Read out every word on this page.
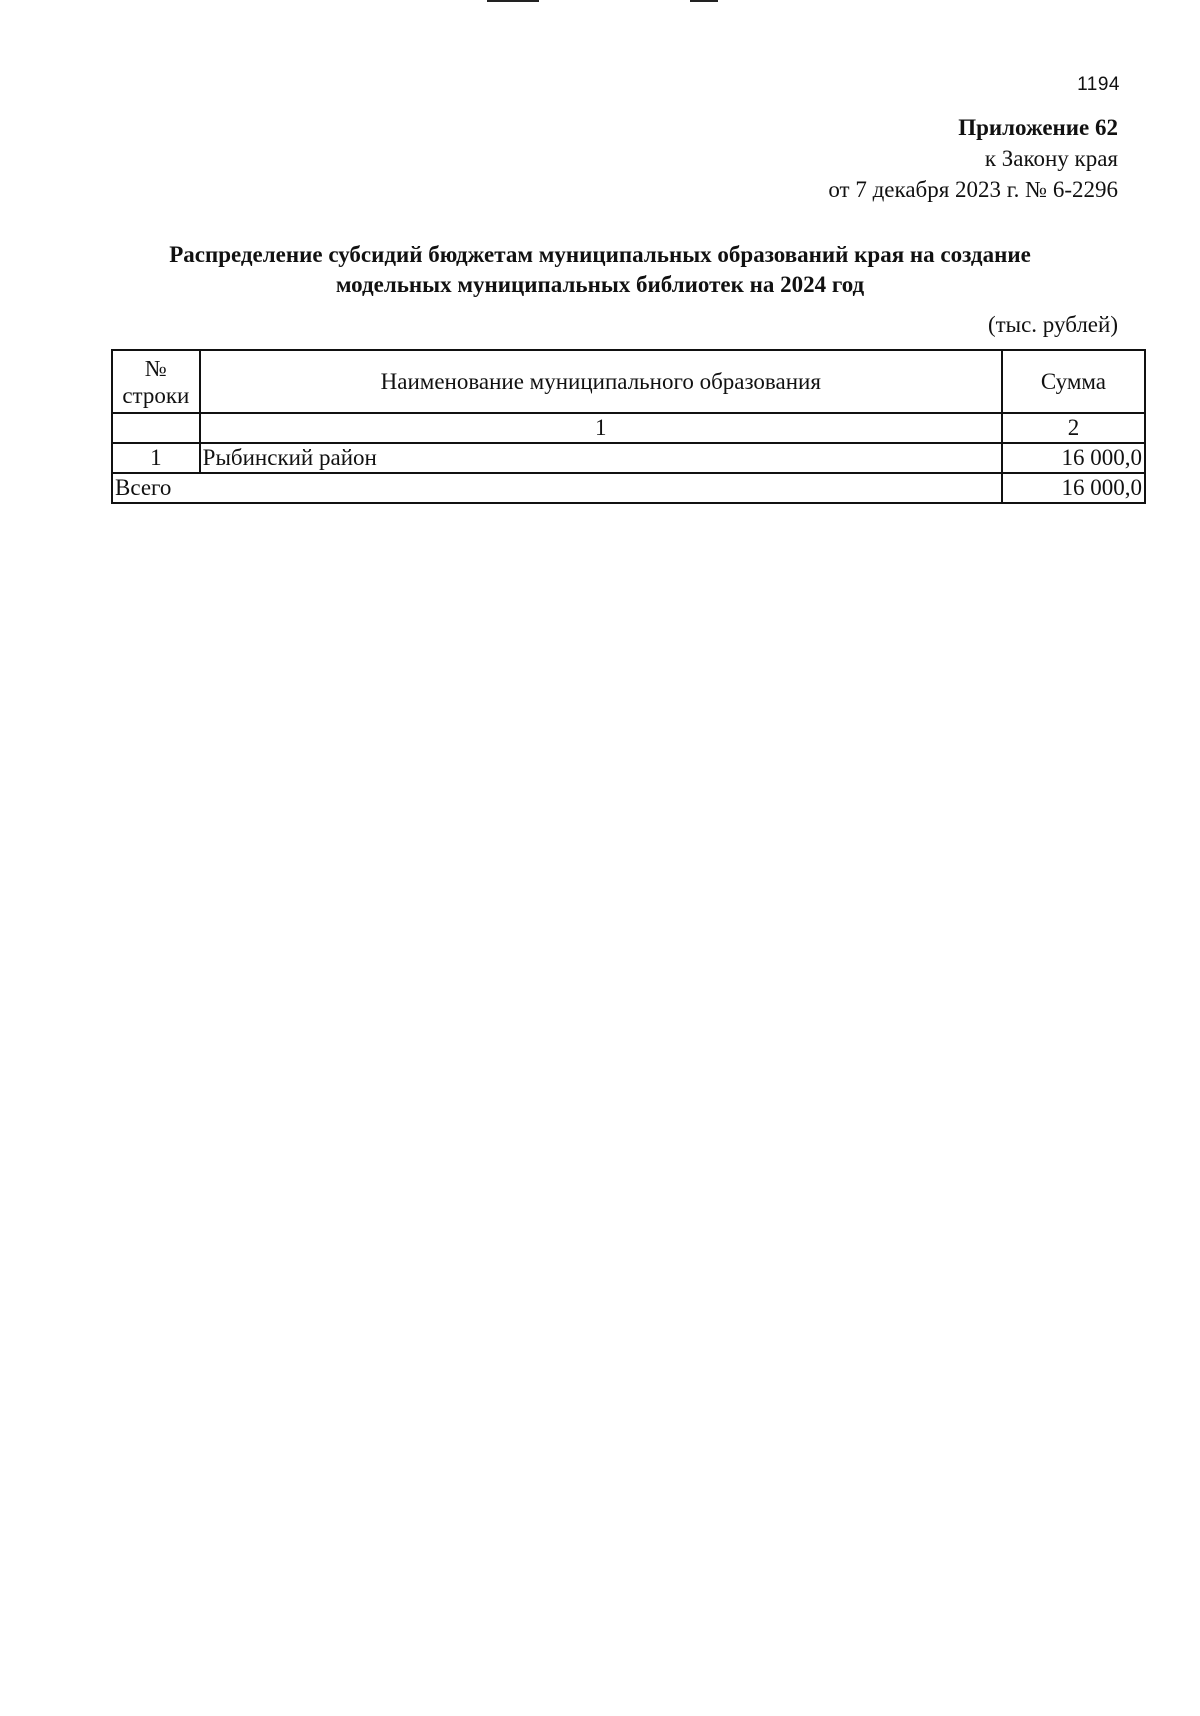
1194
Приложение 62
к Закону края
от 7 декабря 2023 г. № 6-2296
Распределение субсидий бюджетам муниципальных образований края на создание
модельных муниципальных библиотек на 2024 год
(тыс. рублей)
№
строки	Наименование муниципального образования	Сумма
	1	2
1	Рыбинский район	16 000,0
Всего		16 000,0
